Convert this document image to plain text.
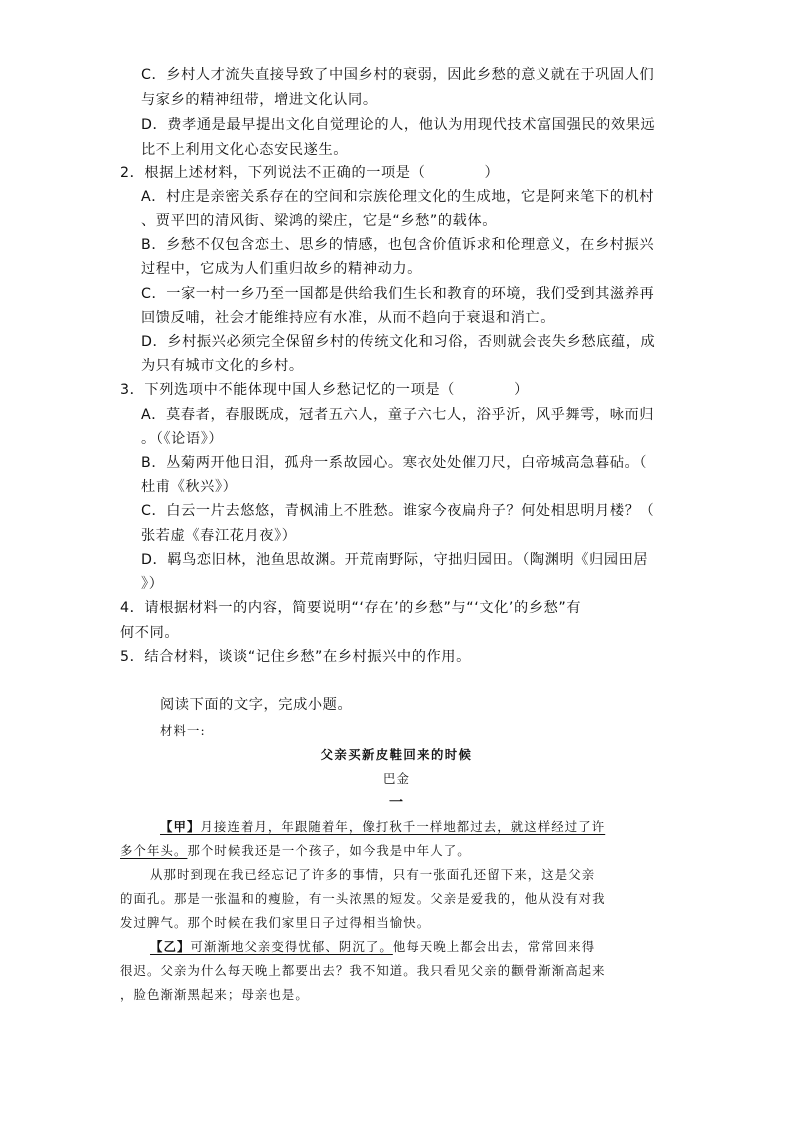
C．乡村人才流失直接导致了中国乡村的衰弱，因此乡愁的意义就在于巩固人们
与家乡的精神纽带，增进文化认同。
D．费孝通是最早提出文化自觉理论的人，他认为用现代技术富国强民的效果远
比不上利用文化心态安民遂生。
2．根据上述材料，下列说法不正确的一项是（　　　　）
A．村庄是亲密关系存在的空间和宗族伦理文化的生成地，它是阿来笔下的机村
、贾平凹的清风街、梁鸿的梁庄，它是“乡愁”的载体。
B．乡愁不仅包含恋土、思乡的情感，也包含价值诉求和伦理意义，在乡村振兴
过程中，它成为人们重归故乡的精神动力。
C．一家一村一乡乃至一国都是供给我们生长和教育的环境，我们受到其滋养再
回馈反哺，社会才能维持应有水准，从而不趋向于衰退和消亡。
D．乡村振兴必须完全保留乡村的传统文化和习俗，否则就会丧失乡愁底蕴，成
为只有城市文化的乡村。
3．下列选项中不能体现中国人乡愁记忆的一项是（　　　　）
A．莫春者，春服既成，冠者五六人，童子六七人，浴乎沂，风乎舞雩，咏而归
。（《论语》）
B．丛菊两开他日泪，孤舟一系故园心。寒衣处处催刀尺，白帝城高急暮砧。（
杜甫《秋兴》）
C．白云一片去悠悠，青枫浦上不胜愁。谁家今夜扁舟子？何处相思明月楼？（
张若虚《春江花月夜》）
D．羁鸟恋旧林，池鱼思故渊。开荒南野际，守拙归园田。（陶渊明《归园田居
》）
4．请根据材料一的内容，简要说明“‘存在’的乡愁”与“‘文化’的乡愁”有
何不同。
5．结合材料，谈谈“记住乡愁”在乡村振兴中的作用。
阅读下面的文字，完成小题。
材料一:
父亲买新皮鞋回来的时候
巴金
一
【甲】月接连着月，年跟随着年，像打秋千一样地都过去，就这样经过了许
多个年头。那个时候我还是一个孩子，如今我是中年人了。
从那时到现在我已经忘记了许多的事情，只有一张面孔还留下来，这是父亲
的面孔。那是一张温和的瘦脸，有一头浓黑的短发。父亲是爱我的，他从没有对我
发过脾气。那个时候在我们家里日子过得相当愉快。
【乙】可渐渐地父亲变得忧郁、阴沉了。他每天晚上都会出去，常常回来得
很迟。父亲为什么每天晚上都要出去？我不知道。我只看见父亲的颧骨渐渐高起来
，脸色渐渐黑起来；母亲也是。
